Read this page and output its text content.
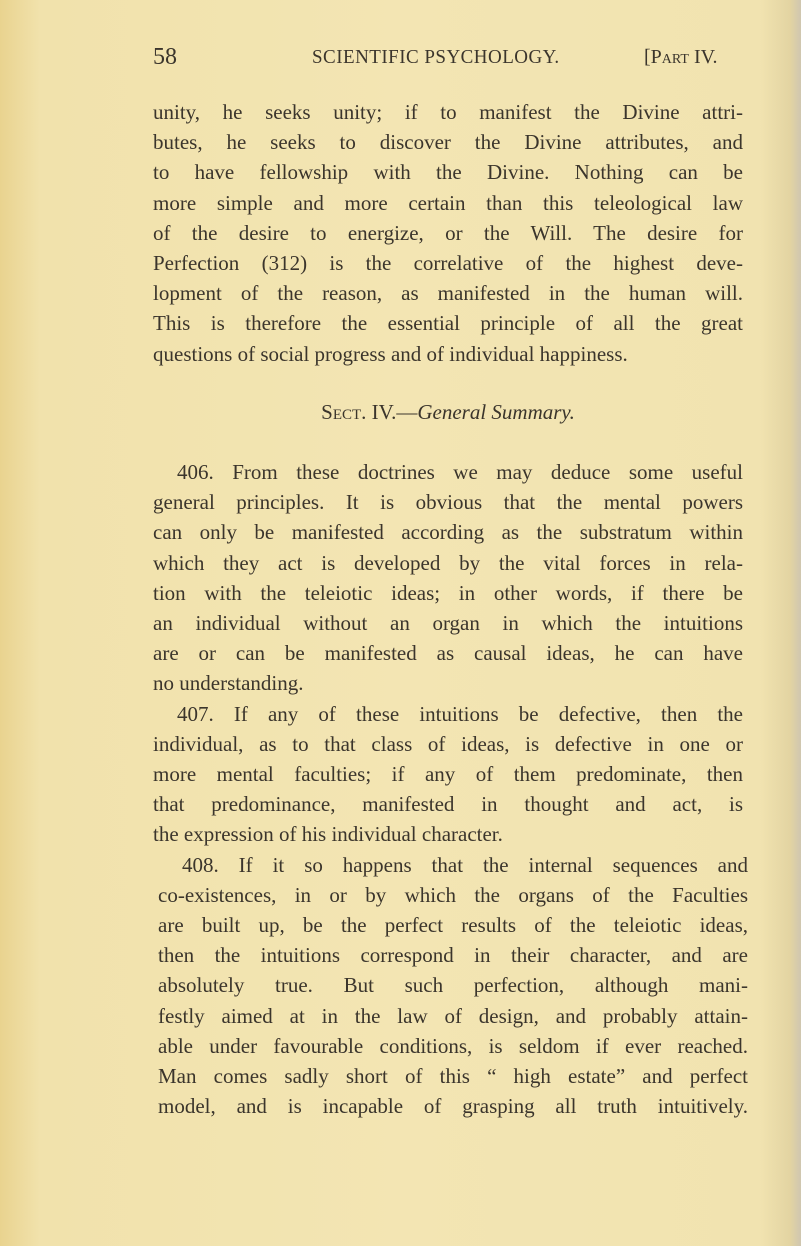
58	SCIENTIFIC PSYCHOLOGY.	[Part IV.
unity, he seeks unity; if to manifest the Divine attri-
butes, he seeks to discover the Divine attributes, and
to have fellowship with the Divine. Nothing can be
more simple and more certain than this teleological law
of the desire to energize, or the Will. The desire for
Perfection (312) is the correlative of the highest deve-
lopment of the reason, as manifested in the human will.
This is therefore the essential principle of all the great
questions of social progress and of individual happiness.
Sect. IV.—General Summary.
406. From these doctrines we may deduce some useful
general principles. It is obvious that the mental powers
can only be manifested according as the substratum within
which they act is developed by the vital forces in rela-
tion with the teleiotic ideas; in other words, if there be
an individual without an organ in which the intuitions
are or can be manifested as causal ideas, he can have
no understanding.
407. If any of these intuitions be defective, then the
individual, as to that class of ideas, is defective in one or
more mental faculties; if any of them predominate, then
that predominance, manifested in thought and act, is
the expression of his individual character.
408. If it so happens that the internal sequences and
co-existences, in or by which the organs of the Faculties
are built up, be the perfect results of the teleiotic ideas,
then the intuitions correspond in their character, and are
absolutely true. But such perfection, although mani-
festly aimed at in the law of design, and probably attain-
able under favourable conditions, is seldom if ever reached.
Man comes sadly short of this “ high estate” and perfect
model, and is incapable of grasping all truth intuitively.
